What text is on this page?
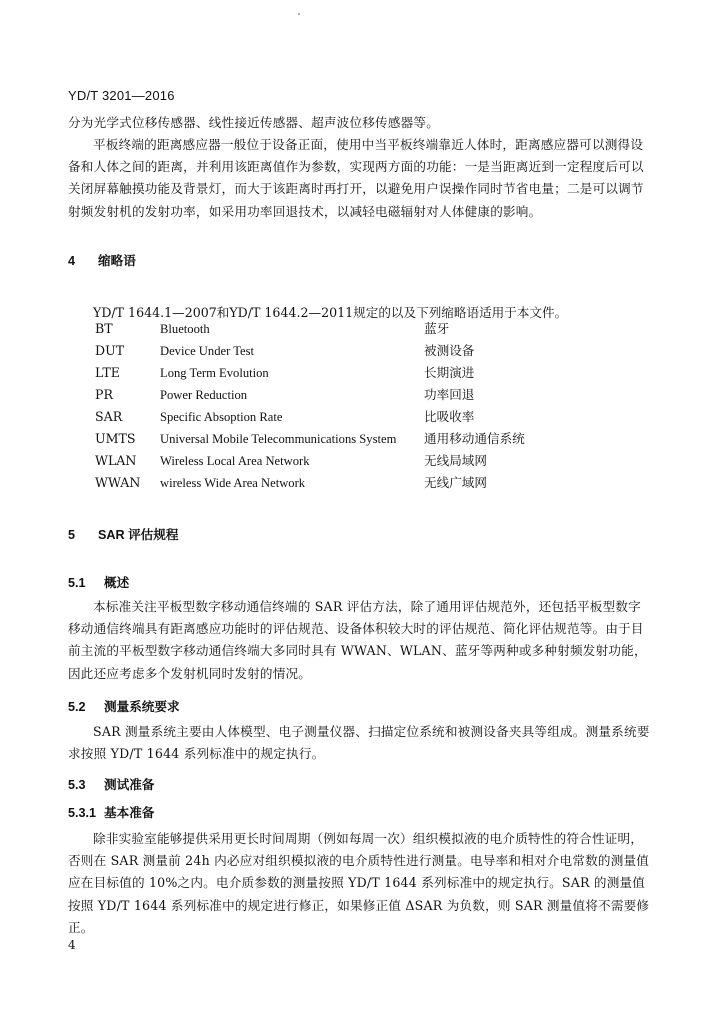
YD/T 3201—2016
分为光学式位移传感器、线性接近传感器、超声波位移传感器等。
平板终端的距离感应器一般位于设备正面，使用中当平板终端靠近人体时，距离感应器可以测得设备和人体之间的距离，并利用该距离值作为参数，实现两方面的功能：一是当距离近到一定程度后可以关闭屏幕触摸功能及背景灯，而大于该距离时再打开，以避免用户误操作同时节省电量；二是可以调节射频发射机的发射功率，如采用功率回退技术，以减轻电磁辐射对人体健康的影响。
4 缩略语
YD/T 1644.1—2007和YD/T 1644.2—2011规定的以及下列缩略语适用于本文件。
BT	Bluetooth	蓝牙
DUT	Device Under Test	被测设备
LTE	Long Term Evolution	长期演进
PR	Power Reduction	功率回退
SAR	Specific Absoption Rate	比吸收率
UMTS Universal Mobile Telecommunications System 通用移动通信系统
WLAN Wireless Local Area Network	无线局域网
WWAN wireless Wide Area Network	无线广域网
5 SAR 评估规程
5.1 概述
本标准关注平板型数字移动通信终端的 SAR 评估方法，除了通用评估规范外，还包括平板型数字移动通信终端具有距离感应功能时的评估规范、设备体积较大时的评估规范、简化评估规范等。由于目前主流的平板型数字移动通信终端大多同时具有 WWAN、WLAN、蓝牙等两种或多种射频发射功能，因此还应考虑多个发射机同时发射的情况。
5.2 测量系统要求
SAR 测量系统主要由人体模型、电子测量仪器、扫描定位系统和被测设备夹具等组成。测量系统要求按照 YD/T 1644 系列标准中的规定执行。
5.3 测试准备
5.3.1 基本准备
除非实验室能够提供采用更长时间周期（例如每周一次）组织模拟液的电介质特性的符合性证明，否则在 SAR 测量前 24h 内必应对组织模拟液的电介质特性进行测量。电导率和相对介电常数的测量值应在目标值的 10%之内。电介质参数的测量按照 YD/T 1644 系列标准中的规定执行。SAR 的测量值按照 YD/T 1644 系列标准中的规定进行修正，如果修正值 ΔSAR 为负数，则 SAR 测量值将不需要修正。
4
